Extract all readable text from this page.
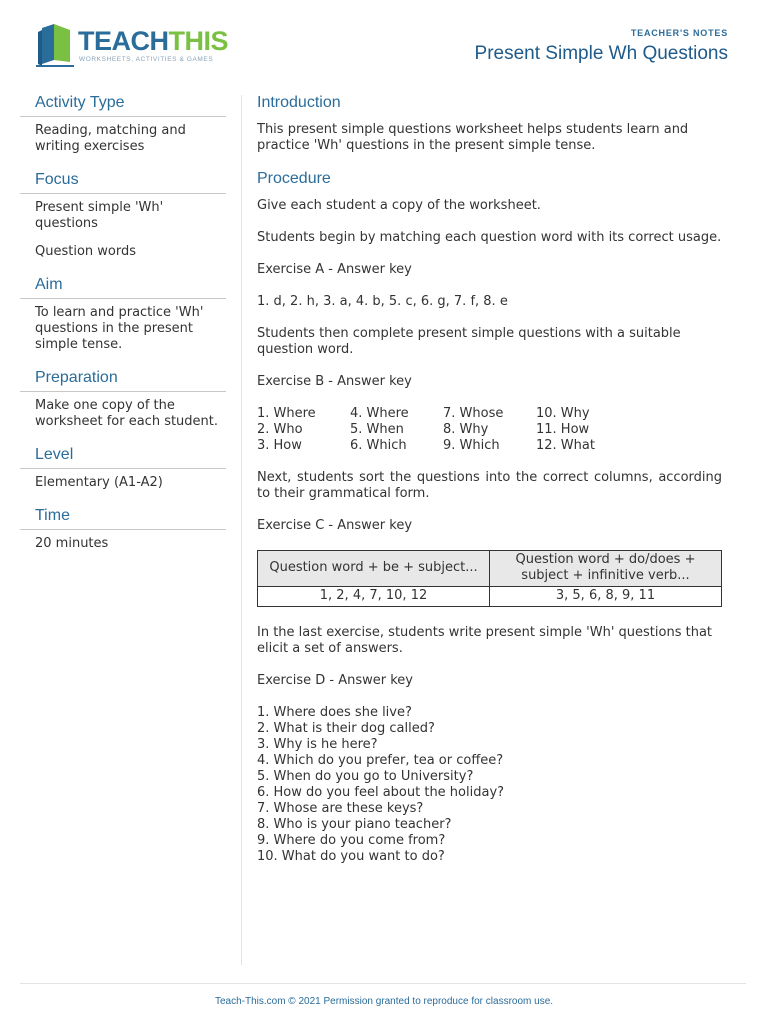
TEACHTHIS
WORKSHEETS, ACTIVITIES & GAMES
TEACHER'S NOTES
Present Simple Wh Questions
Activity Type
Reading, matching and writing exercises
Focus
Present simple 'Wh' questions
Question words
Aim
To learn and practice 'Wh' questions in the present simple tense.
Preparation
Make one copy of the worksheet for each student.
Level
Elementary (A1-A2)
Time
20 minutes
Introduction

This present simple questions worksheet helps students learn and practice 'Wh' questions in the present simple tense.

Procedure

Give each student a copy of the worksheet.

Students begin by matching each question word with its correct usage.

Exercise A - Answer key

1. d, 2. h, 3. a, 4. b, 5. c, 6. g, 7. f, 8. e

Students then complete present simple questions with a suitable question word.

Exercise B - Answer key

1. Where	4. Where	7. Whose	10. Why
2. Who	5. When	8. Why	11. How
3. How	6. Which	9. Which	12. What

Next, students sort the questions into the correct columns, according to their grammatical form.

Exercise C - Answer key

Question word + be + subject...	Question word + do/does + subject + infinitive verb...
1, 2, 4, 7, 10, 12	3, 5, 6, 8, 9, 11

In the last exercise, students write present simple 'Wh' questions that elicit a set of answers.

Exercise D - Answer key

1. Where does she live?
2. What is their dog called?
3. Why is he here?
4. Which do you prefer, tea or coffee?
5. When do you go to University?
6. How do you feel about the holiday?
7. Whose are these keys?
8. Who is your piano teacher?
9. Where do you come from?
10. What do you want to do?
Teach-This.com © 2021 Permission granted to reproduce for classroom use.
